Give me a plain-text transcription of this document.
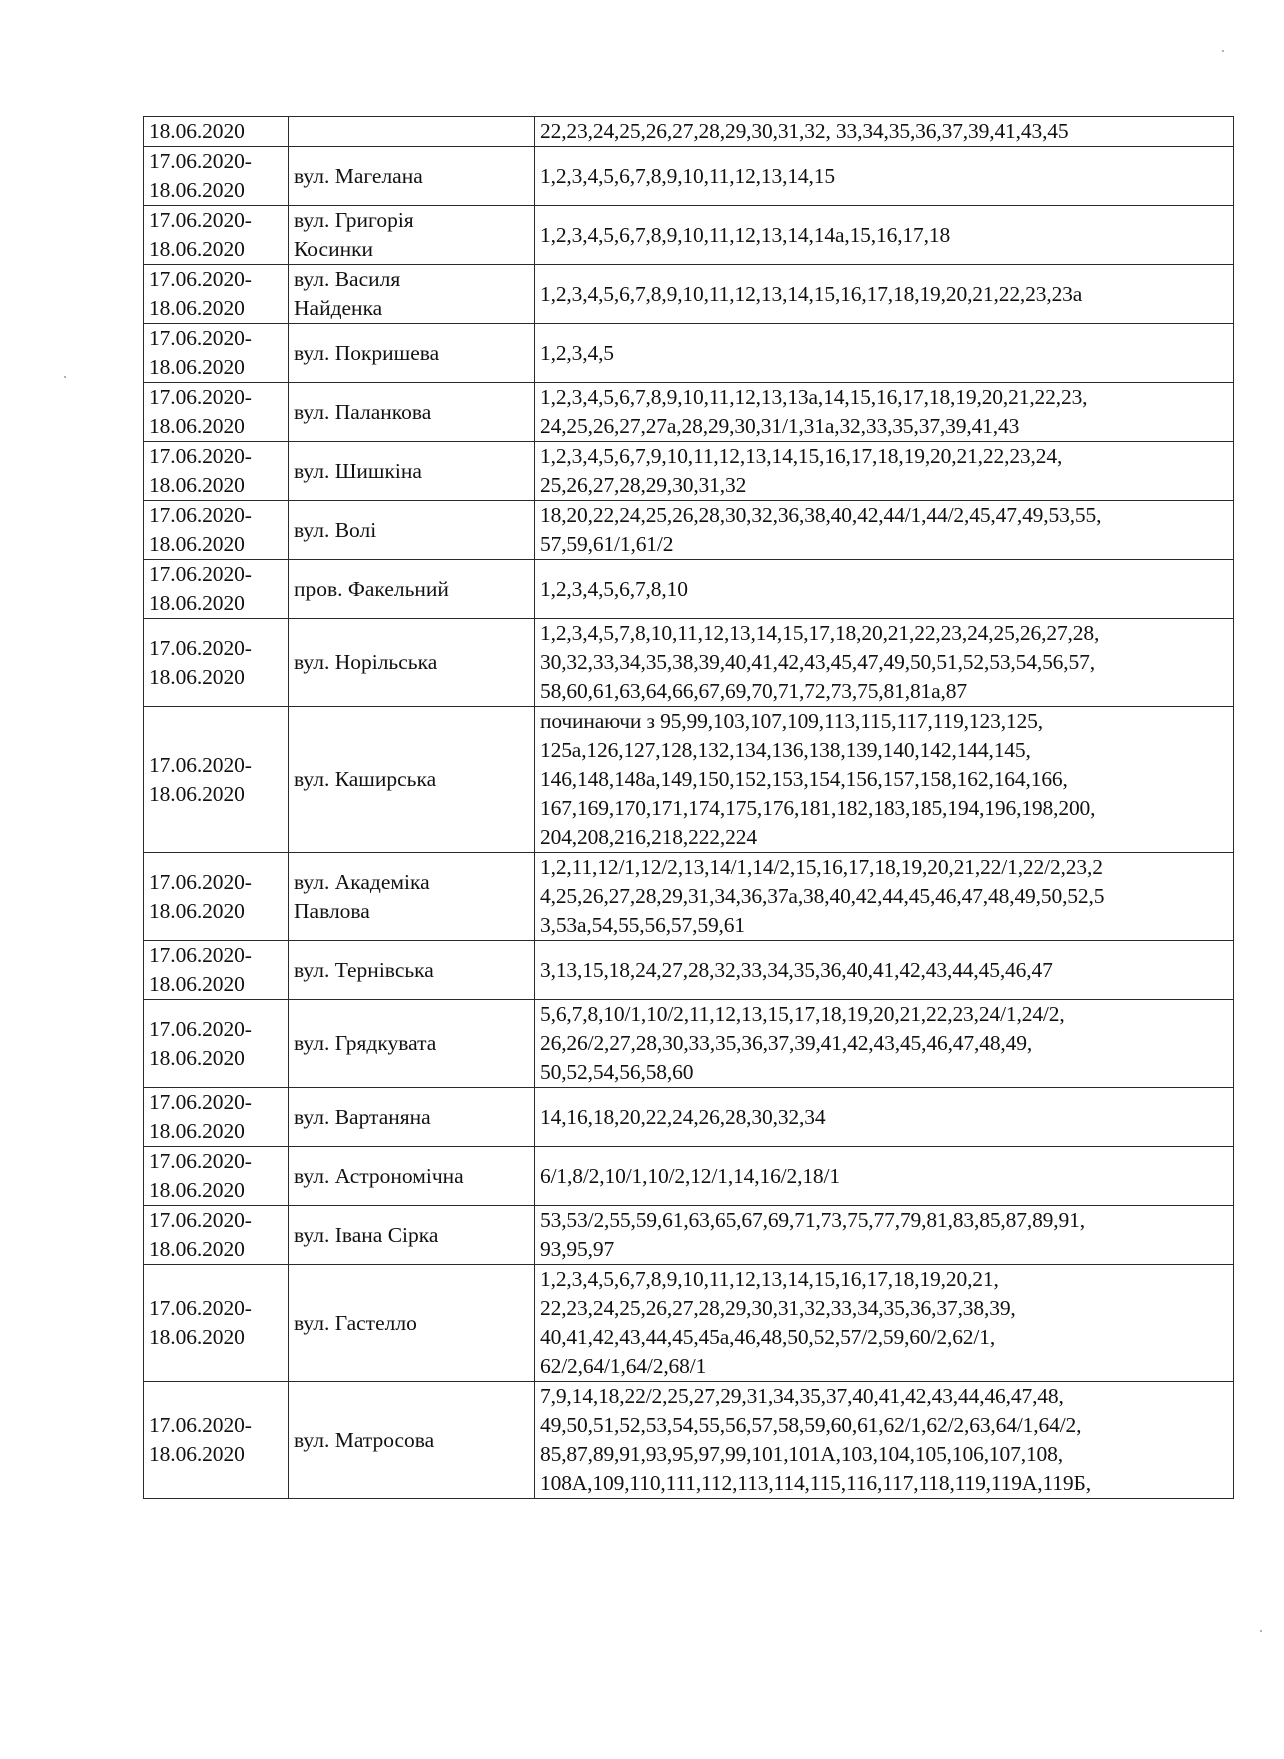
18.06.2020		22,23,24,25,26,27,28,29,30,31,32, 33,34,35,36,37,39,41,43,45
17.06.2020-
18.06.2020	вул. Магелана	1,2,3,4,5,6,7,8,9,10,11,12,13,14,15
17.06.2020-
18.06.2020	вул. Григорія
Косинки	1,2,3,4,5,6,7,8,9,10,11,12,13,14,14а,15,16,17,18
17.06.2020-
18.06.2020	вул. Василя
Найденка	1,2,3,4,5,6,7,8,9,10,11,12,13,14,15,16,17,18,19,20,21,22,23,23а
17.06.2020-
18.06.2020	вул. Покришева	1,2,3,4,5
17.06.2020-
18.06.2020	вул. Паланкова	1,2,3,4,5,6,7,8,9,10,11,12,13,13а,14,15,16,17,18,19,20,21,22,23,
24,25,26,27,27а,28,29,30,31/1,31а,32,33,35,37,39,41,43
17.06.2020-
18.06.2020	вул. Шишкіна	1,2,3,4,5,6,7,9,10,11,12,13,14,15,16,17,18,19,20,21,22,23,24,
25,26,27,28,29,30,31,32
17.06.2020-
18.06.2020	вул. Волі	18,20,22,24,25,26,28,30,32,36,38,40,42,44/1,44/2,45,47,49,53,55,
57,59,61/1,61/2
17.06.2020-
18.06.2020	пров. Факельний	1,2,3,4,5,6,7,8,10
17.06.2020-
18.06.2020	вул. Норільська	1,2,3,4,5,7,8,10,11,12,13,14,15,17,18,20,21,22,23,24,25,26,27,28,
30,32,33,34,35,38,39,40,41,42,43,45,47,49,50,51,52,53,54,56,57,
58,60,61,63,64,66,67,69,70,71,72,73,75,81,81а,87
17.06.2020-
18.06.2020	вул. Каширська	починаючи з 95,99,103,107,109,113,115,117,119,123,125,
125а,126,127,128,132,134,136,138,139,140,142,144,145,
146,148,148а,149,150,152,153,154,156,157,158,162,164,166,
167,169,170,171,174,175,176,181,182,183,185,194,196,198,200,
204,208,216,218,222,224
17.06.2020-
18.06.2020	вул. Академіка
Павлова	1,2,11,12/1,12/2,13,14/1,14/2,15,16,17,18,19,20,21,22/1,22/2,23,2
4,25,26,27,28,29,31,34,36,37а,38,40,42,44,45,46,47,48,49,50,52,5
3,53а,54,55,56,57,59,61
17.06.2020-
18.06.2020	вул. Тернівська	3,13,15,18,24,27,28,32,33,34,35,36,40,41,42,43,44,45,46,47
17.06.2020-
18.06.2020	вул. Грядкувата	5,6,7,8,10/1,10/2,11,12,13,15,17,18,19,20,21,22,23,24/1,24/2,
26,26/2,27,28,30,33,35,36,37,39,41,42,43,45,46,47,48,49,
50,52,54,56,58,60
17.06.2020-
18.06.2020	вул. Вартаняна	14,16,18,20,22,24,26,28,30,32,34
17.06.2020-
18.06.2020	вул. Астрономічна	6/1,8/2,10/1,10/2,12/1,14,16/2,18/1
17.06.2020-
18.06.2020	вул. Івана Сірка	53,53/2,55,59,61,63,65,67,69,71,73,75,77,79,81,83,85,87,89,91,
93,95,97
17.06.2020-
18.06.2020	вул. Гастелло	1,2,3,4,5,6,7,8,9,10,11,12,13,14,15,16,17,18,19,20,21,
22,23,24,25,26,27,28,29,30,31,32,33,34,35,36,37,38,39,
40,41,42,43,44,45,45а,46,48,50,52,57/2,59,60/2,62/1,
62/2,64/1,64/2,68/1
17.06.2020-
18.06.2020	вул. Матросова	7,9,14,18,22/2,25,27,29,31,34,35,37,40,41,42,43,44,46,47,48,
49,50,51,52,53,54,55,56,57,58,59,60,61,62/1,62/2,63,64/1,64/2,
85,87,89,91,93,95,97,99,101,101А,103,104,105,106,107,108,
108А,109,110,111,112,113,114,115,116,117,118,119,119А,119Б,
